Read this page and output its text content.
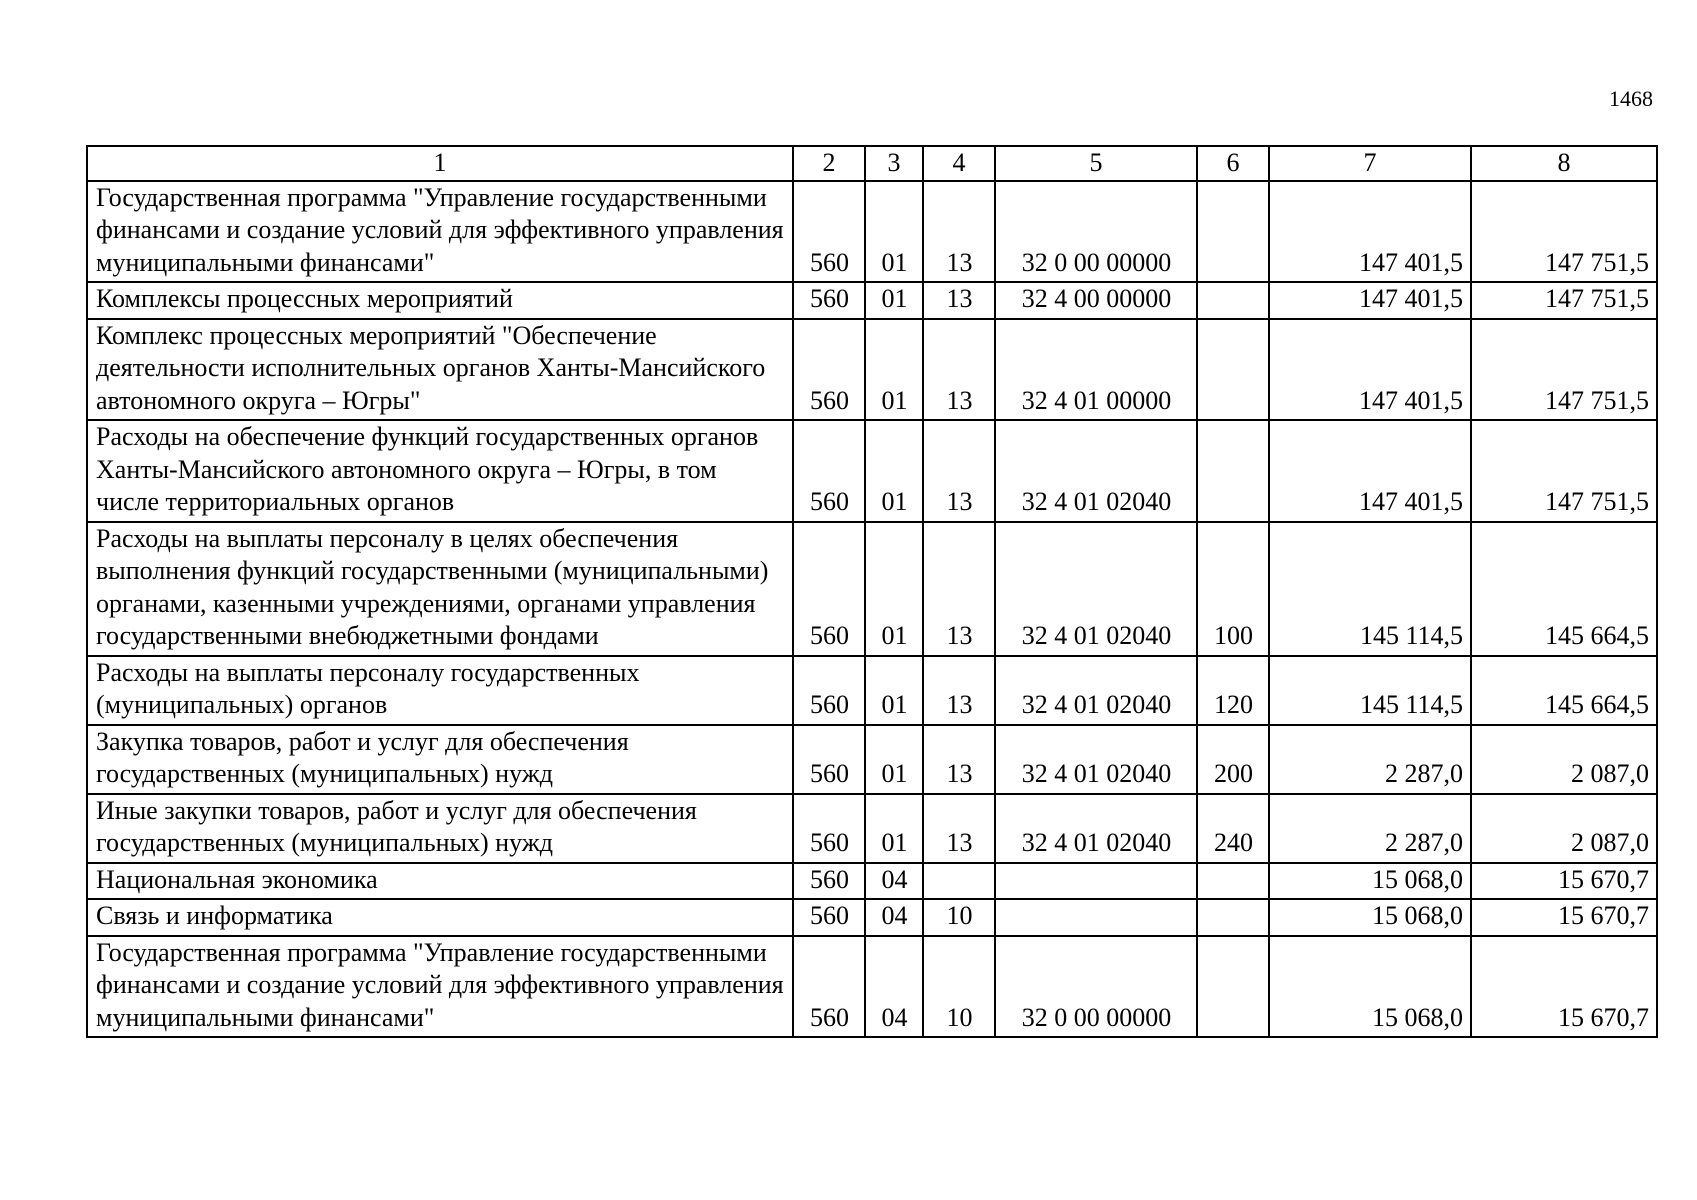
1468
1	2	3	4	5	6	7	8
Государственная программа "Управление государственными финансами и создание условий для эффективного управления муниципальными финансами"	560	01	13	32 0 00 00000		147 401,5	147 751,5
Комплексы процессных мероприятий	560	01	13	32 4 00 00000		147 401,5	147 751,5
Комплекс процессных мероприятий "Обеспечение деятельности исполнительных органов Ханты-Мансийского автономного округа – Югры"	560	01	13	32 4 01 00000		147 401,5	147 751,5
Расходы на обеспечение функций государственных органов Ханты-Мансийского автономного округа – Югры, в том числе территориальных органов	560	01	13	32 4 01 02040		147 401,5	147 751,5
Расходы на выплаты персоналу в целях обеспечения выполнения функций государственными (муниципальными) органами, казенными учреждениями, органами управления государственными внебюджетными фондами	560	01	13	32 4 01 02040	100	145 114,5	145 664,5
Расходы на выплаты персоналу государственных (муниципальных) органов	560	01	13	32 4 01 02040	120	145 114,5	145 664,5
Закупка товаров, работ и услуг для обеспечения государственных (муниципальных) нужд	560	01	13	32 4 01 02040	200	2 287,0	2 087,0
Иные закупки товаров, работ и услуг для обеспечения государственных (муниципальных) нужд	560	01	13	32 4 01 02040	240	2 287,0	2 087,0
Национальная экономика	560	04				15 068,0	15 670,7
Связь и информатика	560	04	10			15 068,0	15 670,7
Государственная программа "Управление государственными финансами и создание условий для эффективного управления муниципальными финансами"	560	04	10	32 0 00 00000		15 068,0	15 670,7
